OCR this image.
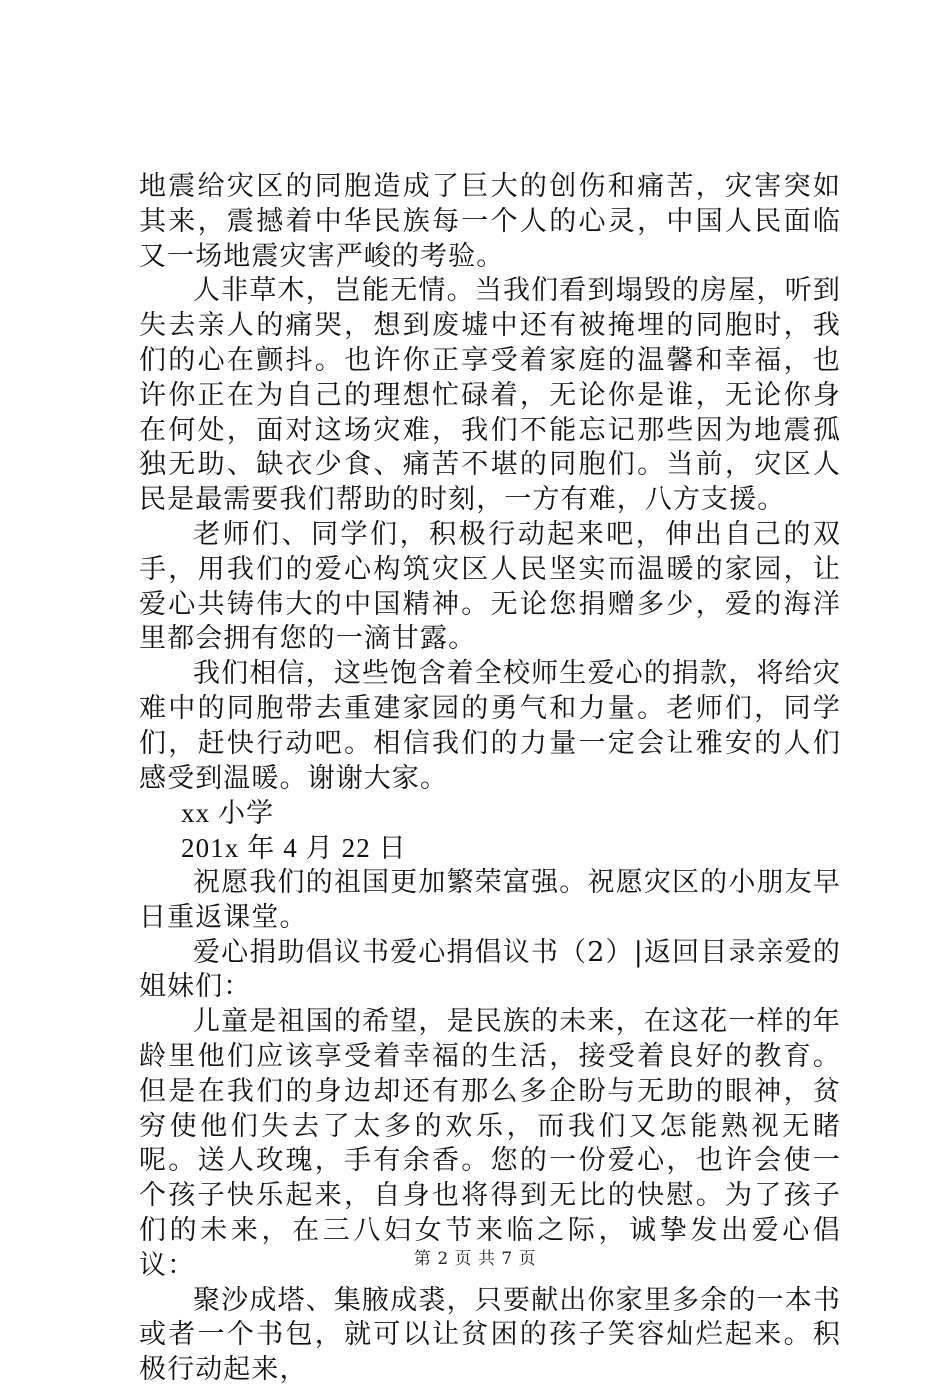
地震给灾区的同胞造成了巨大的创伤和痛苦，灾害突如其来，震撼着中华民族每一个人的心灵，中国人民面临又一场地震灾害严峻的考验。

人非草木，岂能无情。当我们看到塌毁的房屋，听到失去亲人的痛哭，想到废墟中还有被掩埋的同胞时，我们的心在颤抖。也许你正享受着家庭的温馨和幸福，也许你正在为自己的理想忙碌着，无论你是谁，无论你身在何处，面对这场灾难，我们不能忘记那些因为地震孤独无助、缺衣少食、痛苦不堪的同胞们。当前，灾区人民是最需要我们帮助的时刻，一方有难，八方支援。

老师们、同学们，积极行动起来吧，伸出自己的双手，用我们的爱心构筑灾区人民坚实而温暖的家园，让爱心共铸伟大的中国精神。无论您捐赠多少，爱的海洋里都会拥有您的一滴甘露。

我们相信，这些饱含着全校师生爱心的捐款，将给灾难中的同胞带去重建家园的勇气和力量。老师们，同学们，赶快行动吧。相信我们的力量一定会让雅安的人们感受到温暖。谢谢大家。

xx 小学

201x 年 4 月 22 日

祝愿我们的祖国更加繁荣富强。祝愿灾区的小朋友早日重返课堂。

爱心捐助倡议书爱心捐倡议书（2）|返回目录亲爱的姐妹们：

儿童是祖国的希望，是民族的未来，在这花一样的年龄里他们应该享受着幸福的生活，接受着良好的教育。但是在我们的身边却还有那么多企盼与无助的眼神，贫穷使他们失去了太多的欢乐，而我们又怎能熟视无睹呢。送人玫瑰，手有余香。您的一份爱心，也许会使一个孩子快乐起来，自身也将得到无比的快慰。为了孩子们的未来，在三八妇女节来临之际，诚挚发出爱心倡议：

聚沙成塔、集腋成裘，只要献出你家里多余的一本书或者一个书包，就可以让贫困的孩子笑容灿烂起来。积极行动起来，

第 2 页 共 7 页
